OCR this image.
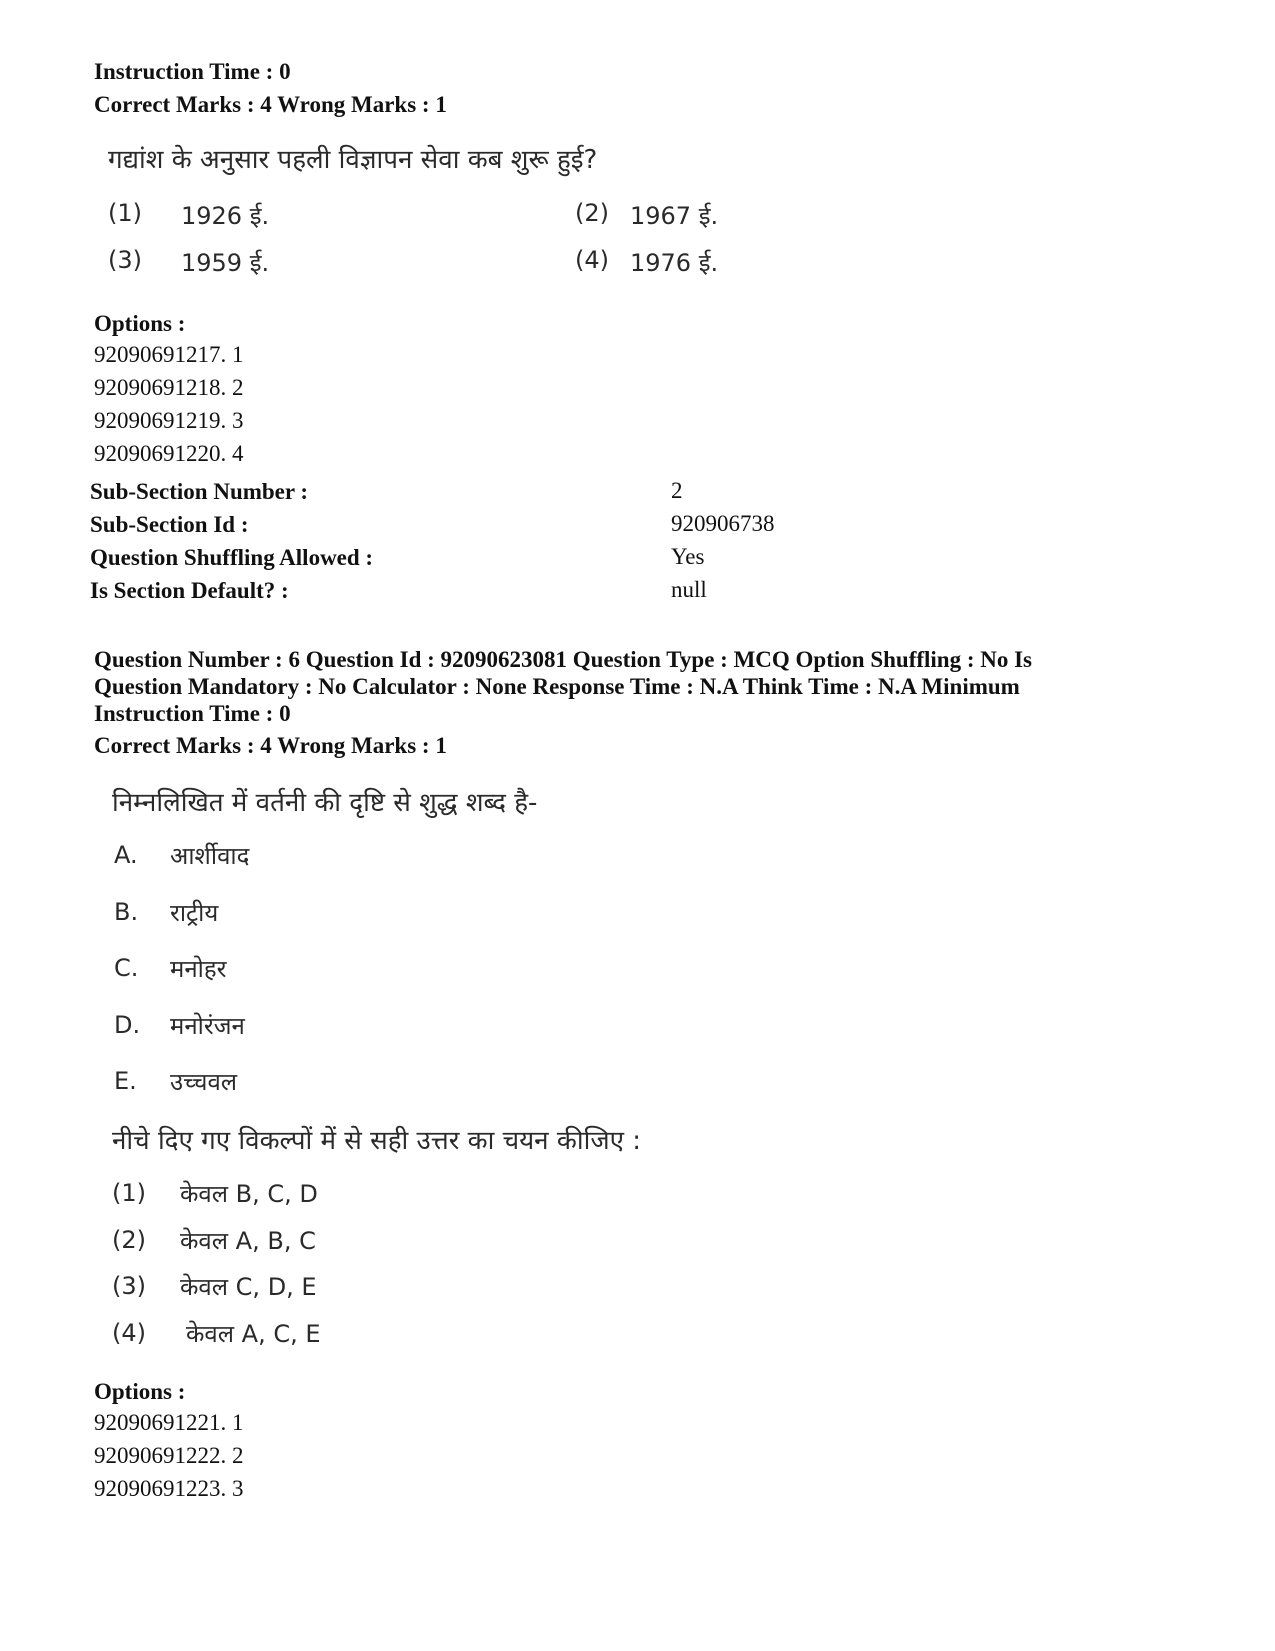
Instruction Time : 0
Correct Marks : 4 Wrong Marks : 1
गद्यांश के अनुसार पहली विज्ञापन सेवा कब शुरू हुई?
(1) 1926 ई.	(2) 1967 ई.
(3) 1959 ई.	(4) 1976 ई.
Options :
92090691217. 1
92090691218. 2
92090691219. 3
92090691220. 4
Sub-Section Number :	2
Sub-Section Id :	920906738
Question Shuffling Allowed :	Yes
Is Section Default? :	null
Question Number : 6 Question Id : 92090623081 Question Type : MCQ Option Shuffling : No Is
Question Mandatory : No Calculator : None Response Time : N.A Think Time : N.A Minimum
Instruction Time : 0
Correct Marks : 4 Wrong Marks : 1
निम्नलिखित में वर्तनी की दृष्टि से शुद्ध शब्द है-
A. आर्शीवाद
B. राट्रीय
C. मनोहर
D. मनोरंजन
E. उच्चवल
नीचे दिए गए विकल्पों में से सही उत्तर का चयन कीजिए :
(1) केवल B, C, D
(2) केवल A, B, C
(3) केवल C, D, E
(4) केवल A, C, E
Options :
92090691221. 1
92090691222. 2
92090691223. 3
